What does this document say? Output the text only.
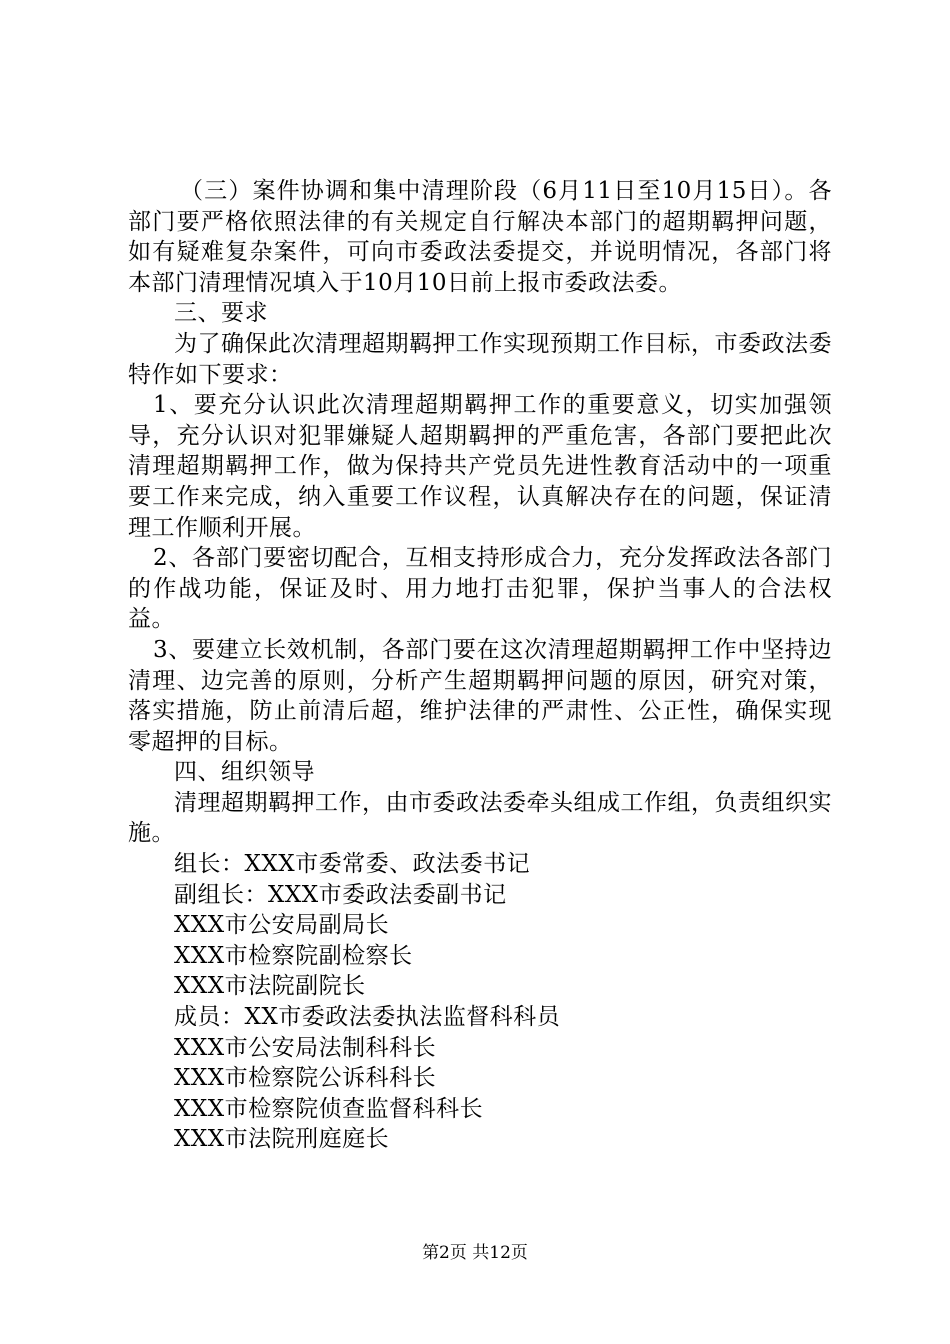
（三）案件协调和集中清理阶段（6月11日至10月15日）。各部门要严格依照法律的有关规定自行解决本部门的超期羁押问题，如有疑难复杂案件，可向市委政法委提交，并说明情况，各部门将本部门清理情况填入于10月10日前上报市委政法委。

三、要求

为了确保此次清理超期羁押工作实现预期工作目标，市委政法委特作如下要求：

1、要充分认识此次清理超期羁押工作的重要意义，切实加强领导，充分认识对犯罪嫌疑人超期羁押的严重危害，各部门要把此次清理超期羁押工作，做为保持共产党员先进性教育活动中的一项重要工作来完成，纳入重要工作议程，认真解决存在的问题，保证清理工作顺利开展。

2、各部门要密切配合，互相支持形成合力，充分发挥政法各部门的作战功能，保证及时、用力地打击犯罪，保护当事人的合法权益。

3、要建立长效机制，各部门要在这次清理超期羁押工作中坚持边清理、边完善的原则，分析产生超期羁押问题的原因，研究对策，落实措施，防止前清后超，维护法律的严肃性、公正性，确保实现零超押的目标。

四、组织领导

清理超期羁押工作，由市委政法委牵头组成工作组，负责组织实施。

组长：XXX市委常委、政法委书记

副组长：XXX市委政法委副书记

XXX市公安局副局长

XXX市检察院副检察长

XXX市法院副院长

成员：XX市委政法委执法监督科科员

XXX市公安局法制科科长

XXX市检察院公诉科科长

XXX市检察院侦查监督科科长

XXX市法院刑庭庭长

第2页 共12页
